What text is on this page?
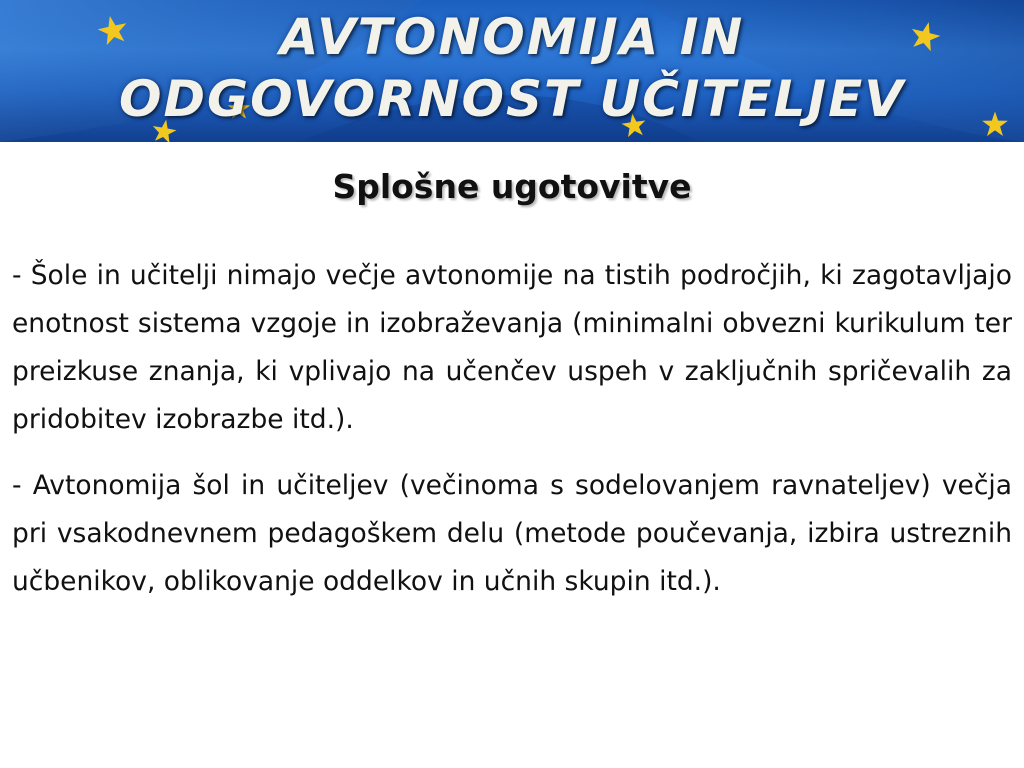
AVTONOMIJA IN
ODGOVORNOST UČITELJEV
Splošne ugotovitve

- Šole in učitelji nimajo večje avtonomije na tistih področjih, ki zagotavljajo enotnost sistema vzgoje in izobraževanja (minimalni obvezni kurikulum ter preizkuse znanja, ki vplivajo na učenčev uspeh v zaključnih spričevalih za pridobitev izobrazbe itd.).

- Avtonomija šol in učiteljev (večinoma s sodelovanjem ravnateljev) večja pri vsakodnevnem pedagoškem delu (metode poučevanja, izbira ustreznih učbenikov, oblikovanje oddelkov in učnih skupin itd.).
